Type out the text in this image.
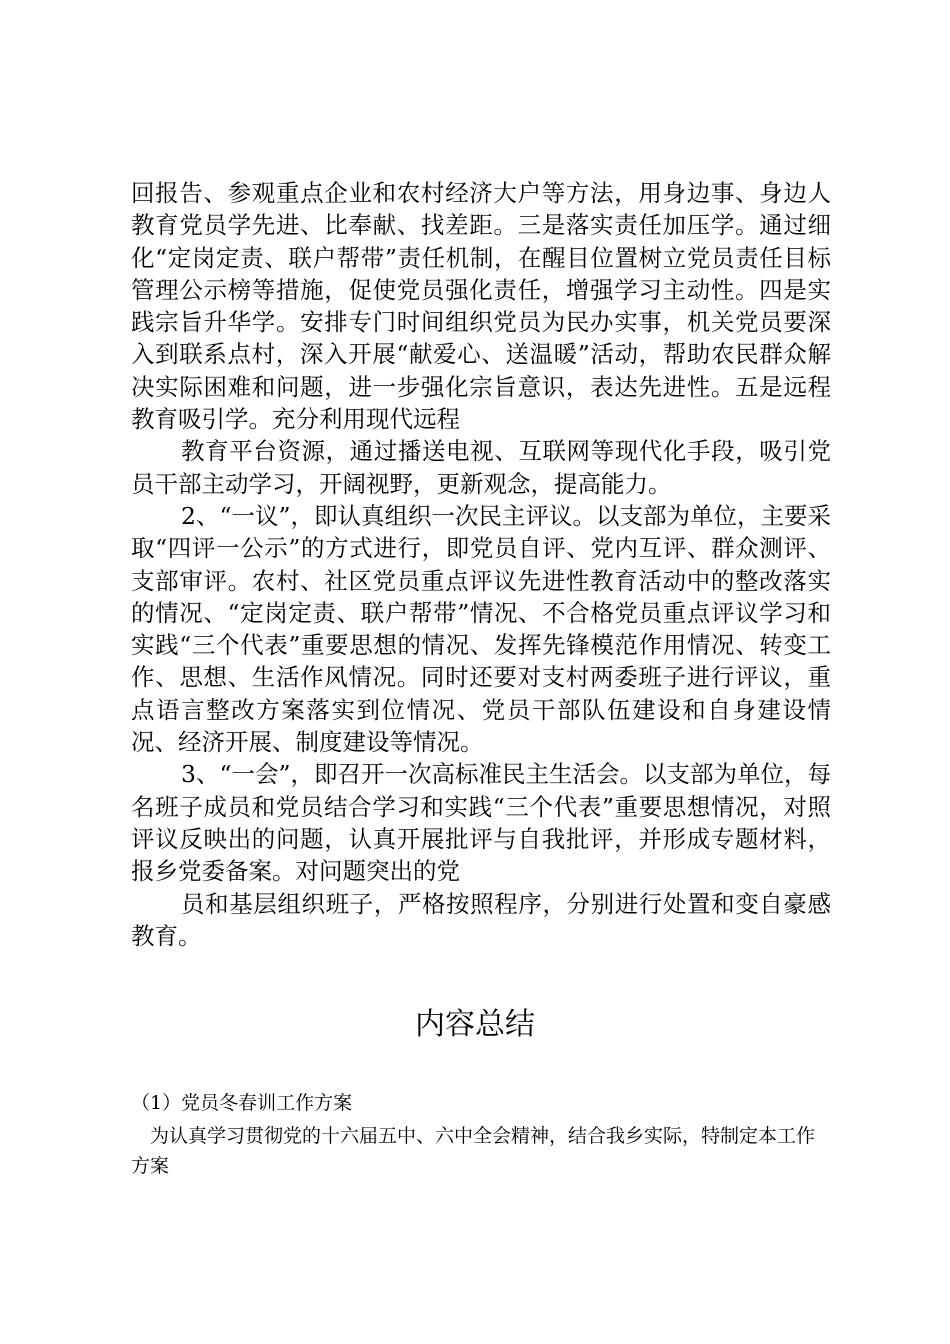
回报告、参观重点企业和农村经济大户等方法，用身边事、身边人教育党员学先进、比奉献、找差距。三是落实责任加压学。通过细化“定岗定责、联户帮带”责任机制，在醒目位置树立党员责任目标管理公示榜等措施，促使党员强化责任，增强学习主动性。四是实践宗旨升华学。安排专门时间组织党员为民办实事，机关党员要深入到联系点村，深入开展“献爱心、送温暖”活动，帮助农民群众解决实际困难和问题，进一步强化宗旨意识，表达先进性。五是远程教育吸引学。充分利用现代远程

教育平台资源，通过播送电视、互联网等现代化手段，吸引党员干部主动学习，开阔视野，更新观念，提高能力。

2、“一议”，即认真组织一次民主评议。以支部为单位，主要采取“四评一公示”的方式进行，即党员自评、党内互评、群众测评、支部审评。农村、社区党员重点评议先进性教育活动中的整改落实的情况、“定岗定责、联户帮带”情况、不合格党员重点评议学习和实践“三个代表”重要思想的情况、发挥先锋模范作用情况、转变工作、思想、生活作风情况。同时还要对支村两委班子进行评议，重点语言整改方案落实到位情况、党员干部队伍建设和自身建设情况、经济开展、制度建设等情况。

3、“一会”，即召开一次高标准民主生活会。以支部为单位，每名班子成员和党员结合学习和实践“三个代表”重要思想情况，对照评议反映出的问题，认真开展批评与自我批评，并形成专题材料，报乡党委备案。对问题突出的党

员和基层组织班子，严格按照程序，分别进行处置和变自豪感教育。

内容总结

（1）党员冬春训工作方案

为认真学习贯彻党的十六届五中、六中全会精神，结合我乡实际，特制定本工作方案
